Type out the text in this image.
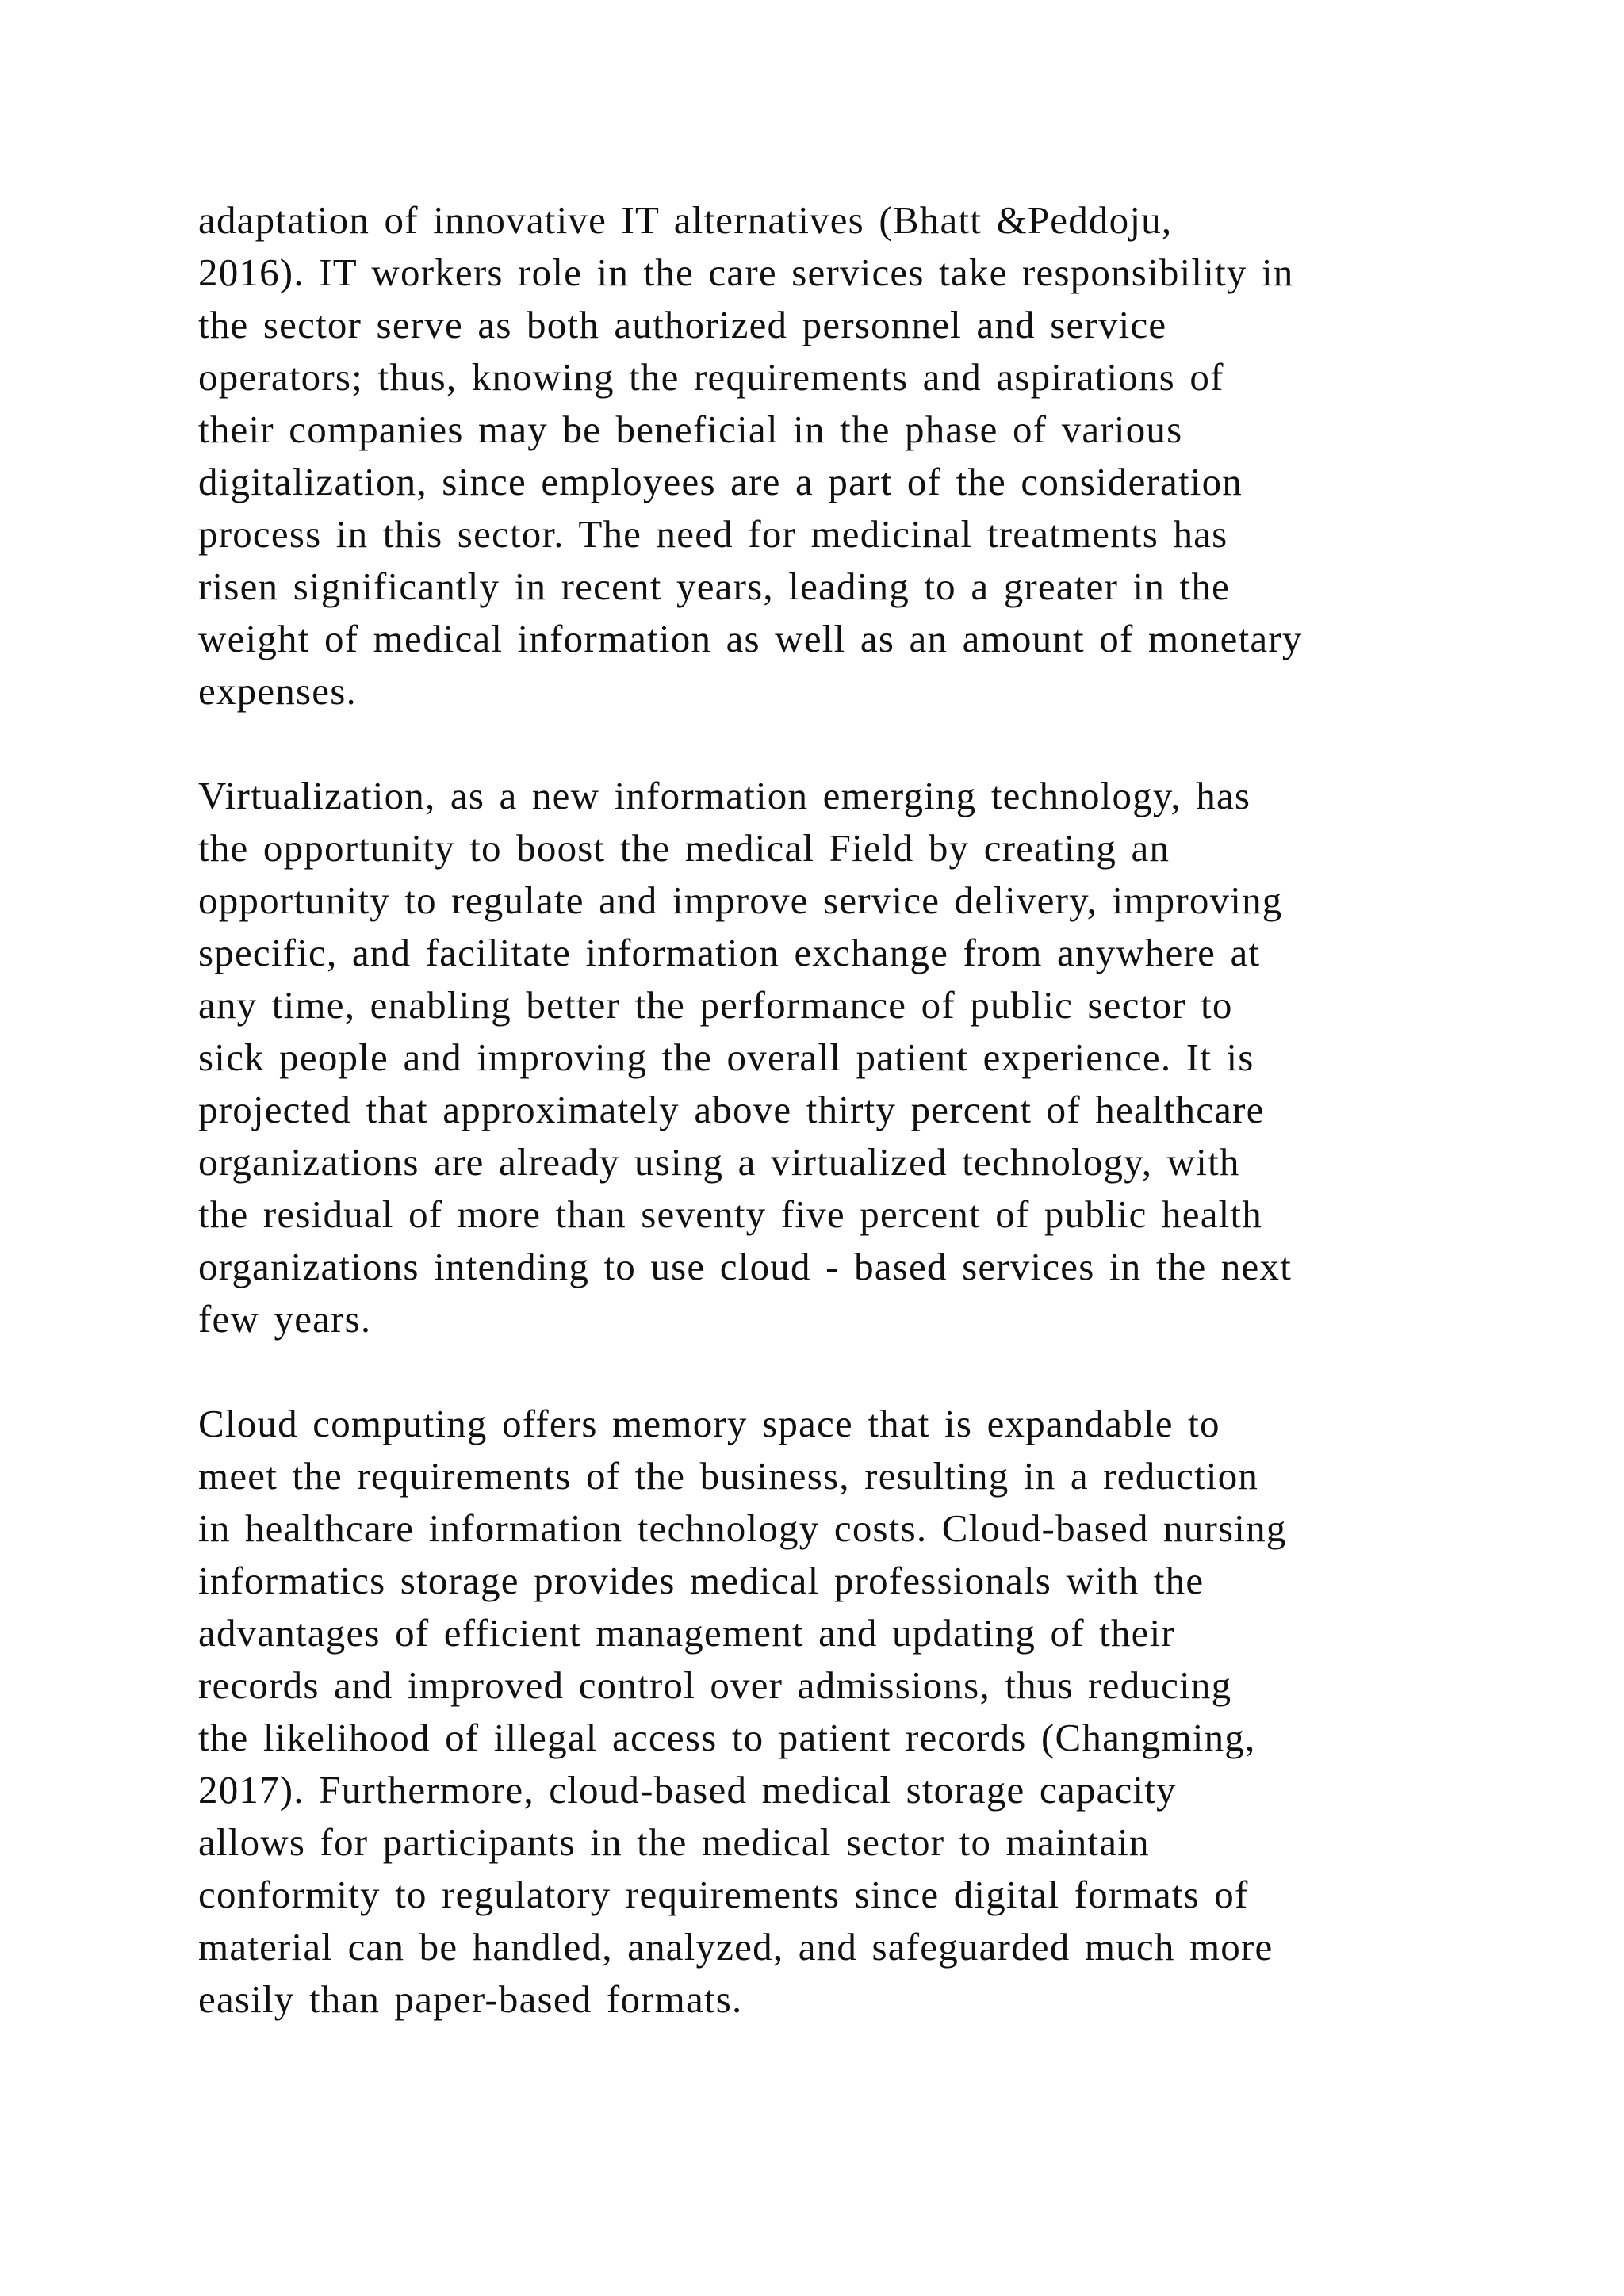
adaptation of innovative IT alternatives (Bhatt &Peddoju,
2016). IT workers role in the care services take responsibility in
the sector serve as both authorized personnel and service
operators; thus, knowing the requirements and aspirations of
their companies may be beneficial in the phase of various
digitalization, since employees are a part of the consideration
process in this sector. The need for medicinal treatments has
risen significantly in recent years, leading to a greater in the
weight of medical information as well as an amount of monetary
expenses.

Virtualization, as a new information emerging technology, has
the opportunity to boost the medical Field by creating an
opportunity to regulate and improve service delivery, improving
specific, and facilitate information exchange from anywhere at
any time, enabling better the performance of public sector to
sick people and improving the overall patient experience. It is
projected that approximately above thirty percent of healthcare
organizations are already using a virtualized technology, with
the residual of more than seventy five percent of public health
organizations intending to use cloud - based services in the next
few years.

Cloud computing offers memory space that is expandable to
meet the requirements of the business, resulting in a reduction
in healthcare information technology costs. Cloud-based nursing
informatics storage provides medical professionals with the
advantages of efficient management and updating of their
records and improved control over admissions, thus reducing
the likelihood of illegal access to patient records (Changming,
2017). Furthermore, cloud-based medical storage capacity
allows for participants in the medical sector to maintain
conformity to regulatory requirements since digital formats of
material can be handled, analyzed, and safeguarded much more
easily than paper-based formats.
